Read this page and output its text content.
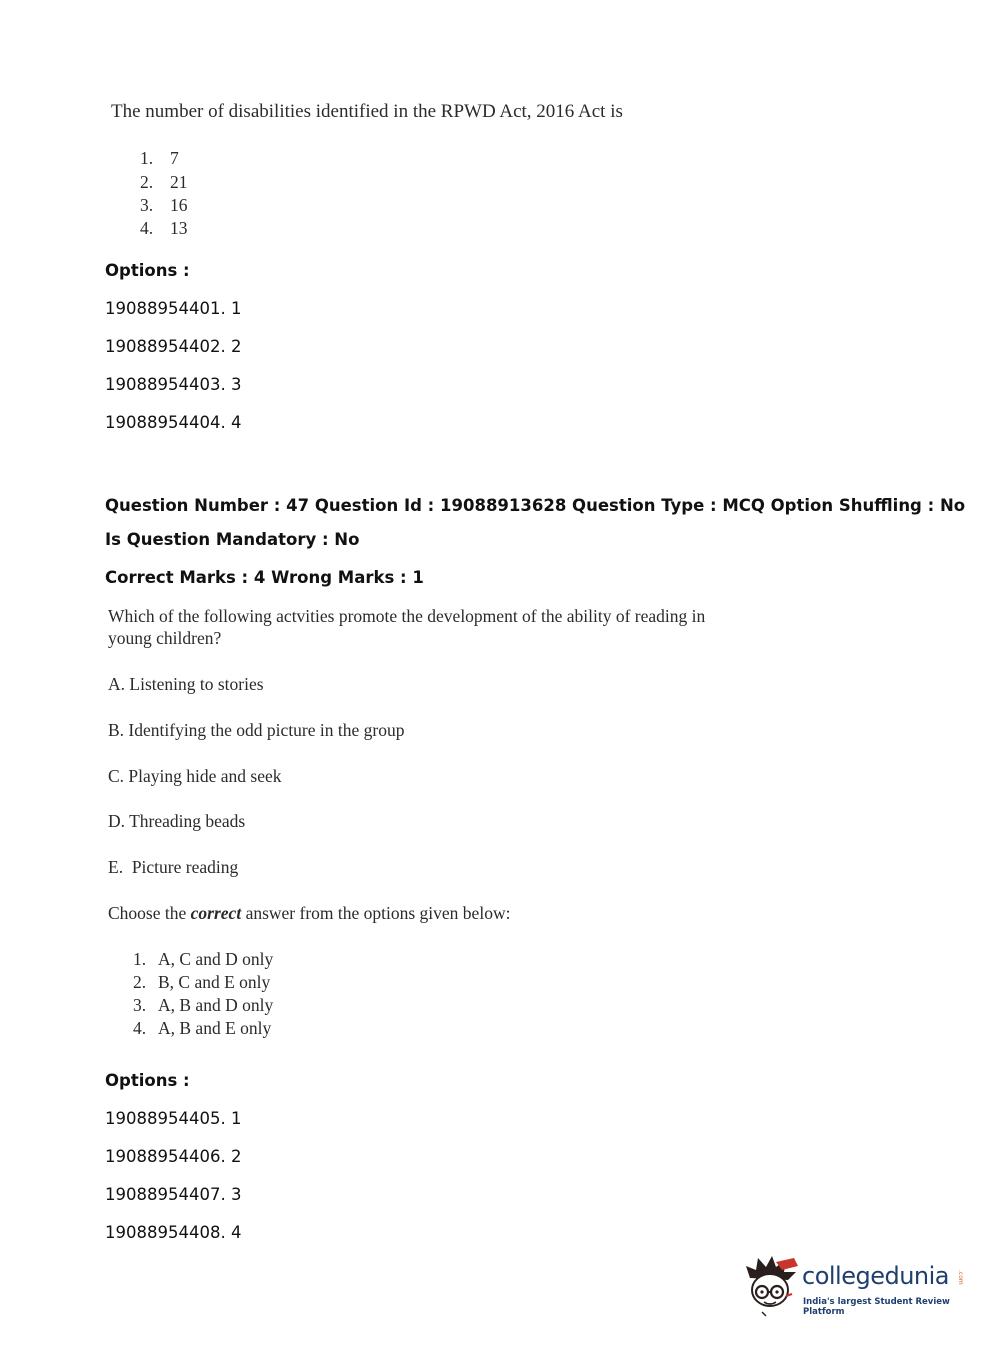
The number of disabilities identified in the RPWD Act, 2016 Act is
1. 7
2. 21
3. 16
4. 13
Options :
19088954401. 1
19088954402. 2
19088954403. 3
19088954404. 4
Question Number : 47 Question Id : 19088913628 Question Type : MCQ Option Shuffling : No
Is Question Mandatory : No
Correct Marks : 4 Wrong Marks : 1
Which of the following actvities promote the development of the ability of reading in young children?
A. Listening to stories
B. Identifying the odd picture in the group
C. Playing hide and seek
D. Threading beads
E.  Picture reading
Choose the correct answer from the options given below:
1. A, C and D only
2. B, C and E only
3. A, B and D only
4. A, B and E only
Options :
19088954405. 1
19088954406. 2
19088954407. 3
19088954408. 4
collegedunia .com
India's largest Student Review Platform
